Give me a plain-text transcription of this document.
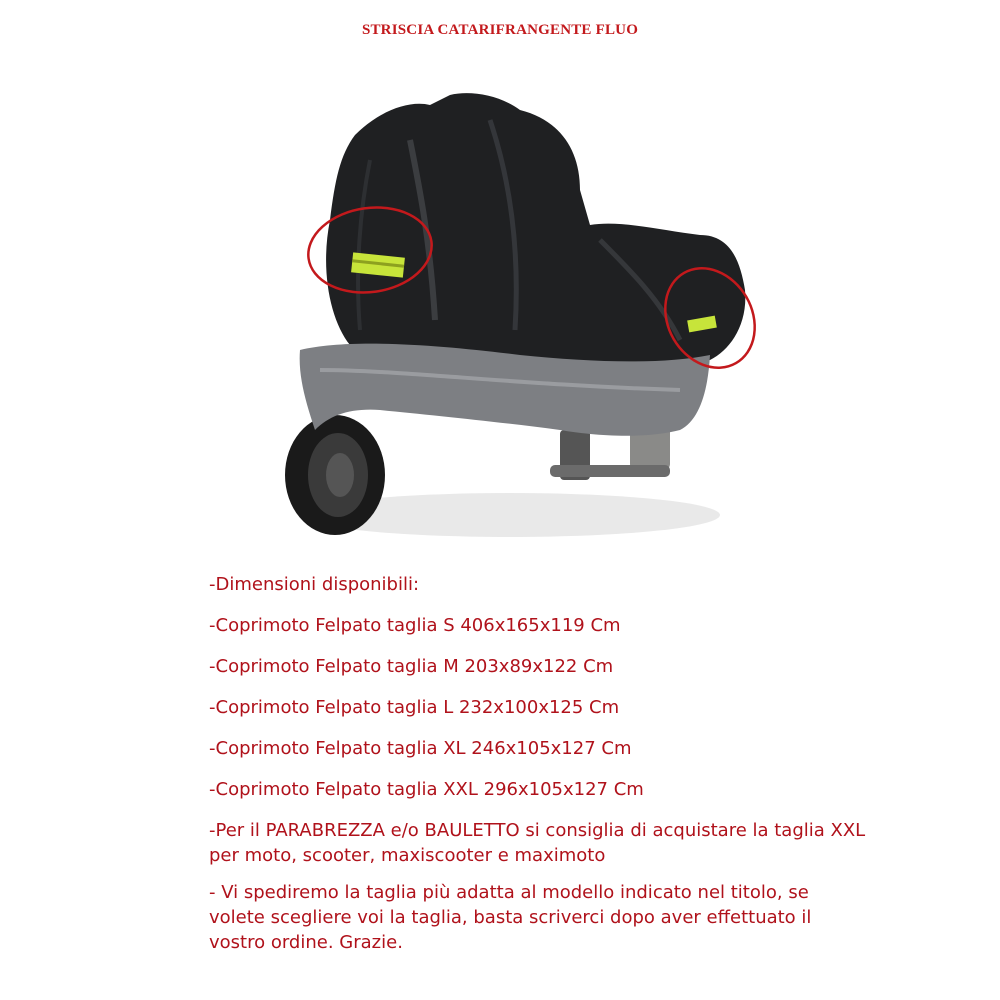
STRISCIA CATARIFRANGENTE FLUO

-Dimensioni disponibili:

-Coprimoto Felpato taglia S 406x165x119 Cm

-Coprimoto Felpato taglia M 203x89x122 Cm

-Coprimoto Felpato taglia L 232x100x125 Cm

-Coprimoto Felpato taglia XL 246x105x127 Cm

-Coprimoto Felpato taglia XXL 296x105x127 Cm

-Per il PARABREZZA e/o BAULETTO si consiglia di acquistare la taglia XXL
per moto, scooter, maxiscooter e maximoto

- Vi spediremo la taglia più adatta al modello indicato nel titolo, se
volete scegliere voi la taglia, basta scriverci dopo aver effettuato il
vostro ordine. Grazie.
